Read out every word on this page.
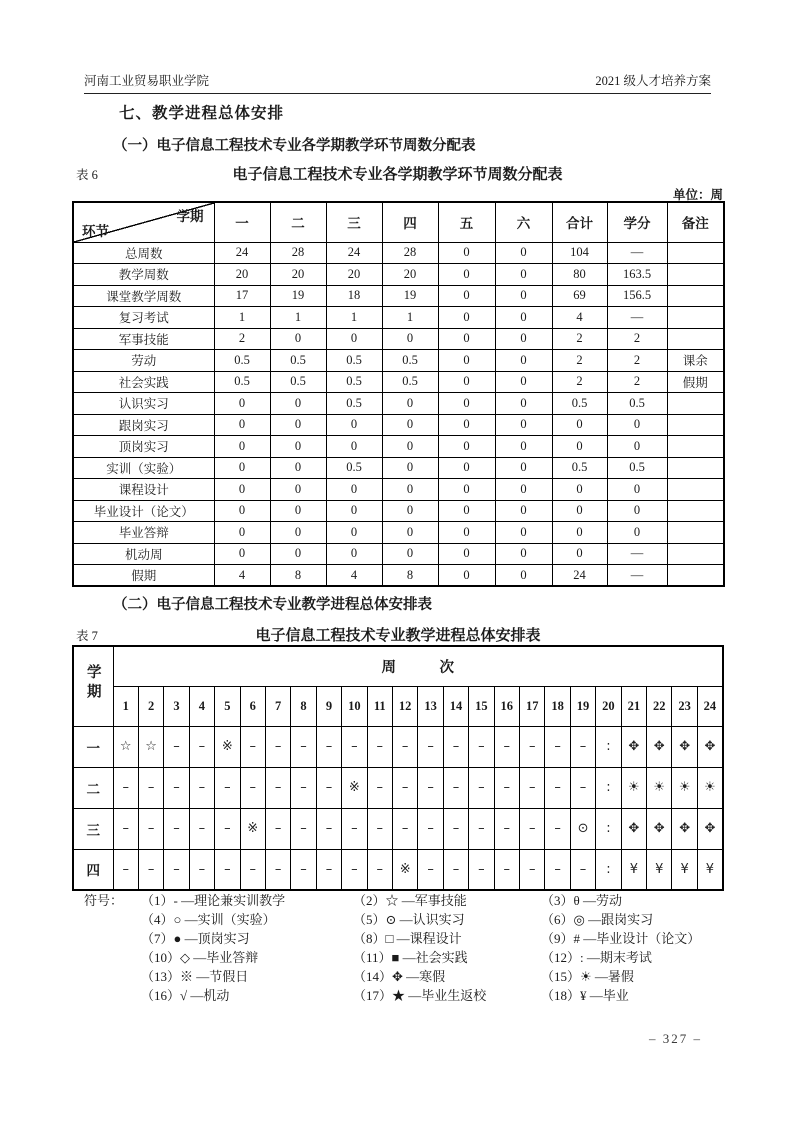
河南工业贸易职业学院	2021 级人才培养方案
七、教学进程总体安排
（一）电子信息工程技术专业各学期教学环节周数分配表
表 6	电子信息工程技术专业各学期教学环节周数分配表
单位：周
学期
环节	一	二	三	四	五	六	合计	学分	备注
总周数	24	28	24	28	0	0	104	—	
教学周数	20	20	20	20	0	0	80	163.5	
课堂教学周数	17	19	18	19	0	0	69	156.5	
复习考试	1	1	1	1	0	0	4	—	
军事技能	2	0	0	0	0	0	2	2	
劳动	0.5	0.5	0.5	0.5	0	0	2	2	课余
社会实践	0.5	0.5	0.5	0.5	0	0	2	2	假期
认识实习	0	0	0.5	0	0	0	0.5	0.5	
跟岗实习	0	0	0	0	0	0	0	0	
顶岗实习	0	0	0	0	0	0	0	0	
实训（实验）	0	0	0.5	0	0	0	0.5	0.5	
课程设计	0	0	0	0	0	0	0	0	
毕业设计（论文）	0	0	0	0	0	0	0	0	
毕业答辩	0	0	0	0	0	0	0	0	
机动周	0	0	0	0	0	0	0	—	
假期	4	8	4	8	0	0	24	—	
（二）电子信息工程技术专业教学进程总体安排表
表 7	电子信息工程技术专业教学进程总体安排表
学期	周　　　次																							
	1	2	3	4	5	6	7	8	9	10	11	12	13	14	15	16	17	18	19	20	21	22	23	24
一	☆	☆	–	–	※	–	–	–	–	–	–	–	–	–	–	–	–	–	–	:	✥	✥	✥	✥
二	–	–	–	–	–	–	–	–	–	※	–	–	–	–	–	–	–	–	–	:	☀	☀	☀	☀
三	–	–	–	–	–	※	–	–	–	–	–	–	–	–	–	–	–	–	⊙	:	✥	✥	✥	✥
四	–	–	–	–	–	–	–	–	–	–	–	※	–	–	–	–	–	–	–	:	¥	¥	¥	¥
符号：	（1）- —理论兼实训教学	（2）☆ —军事技能	（3）θ —劳动
（4）○ —实训（实验）	（5）⊙ —认识实习	（6）◎ —跟岗实习
（7）● —顶岗实习	（8）□ —课程设计	（9）# —毕业设计（论文）
（10）◇ —毕业答辩	（11）■ —社会实践	（12）: —期末考试
（13）※ —节假日	（14）✥ —寒假	（15）☀ —暑假
（16）√ —机动	（17）★ —毕业生返校	（18）¥ —毕业
– 327 –
